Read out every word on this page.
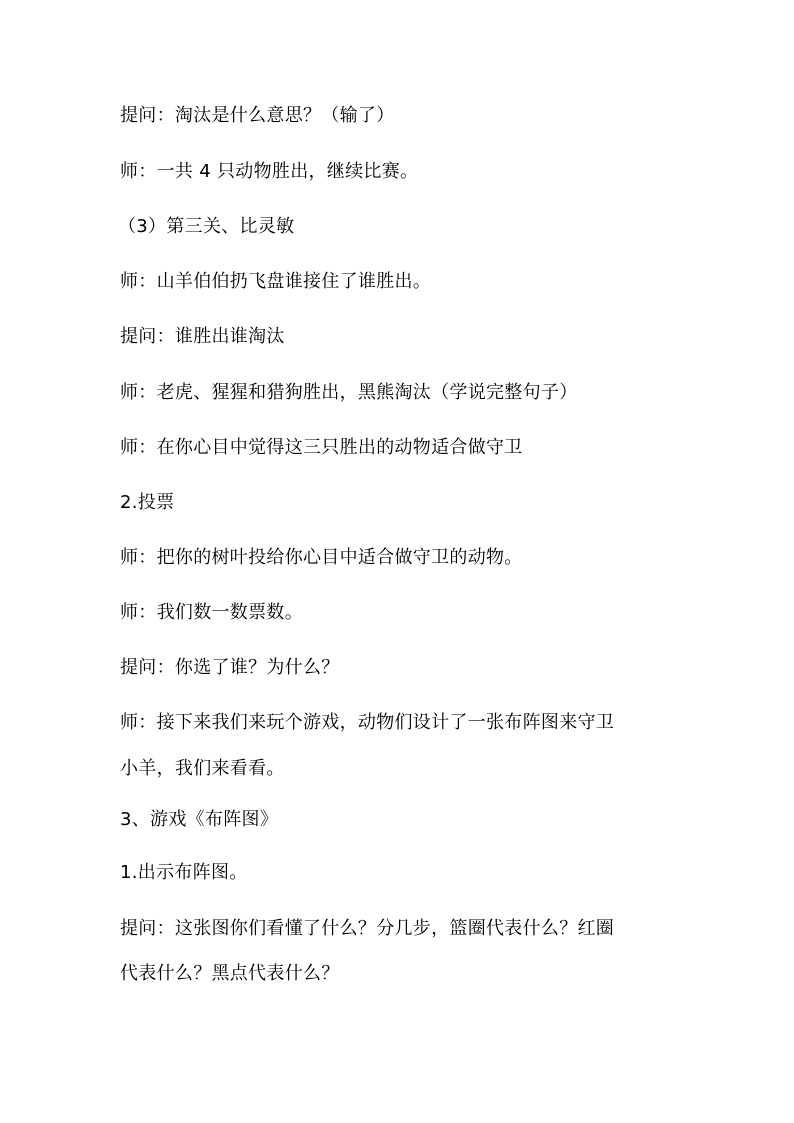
提问：淘汰是什么意思？（输了）
师：一共 4 只动物胜出，继续比赛。
（3）第三关、比灵敏
师：山羊伯伯扔飞盘谁接住了谁胜出。
提问：谁胜出谁淘汰
师：老虎、猩猩和猎狗胜出，黑熊淘汰（学说完整句子）
师：在你心目中觉得这三只胜出的动物适合做守卫
2.投票
师：把你的树叶投给你心目中适合做守卫的动物。
师：我们数一数票数。
提问：你选了谁？为什么？
师：接下来我们来玩个游戏，动物们设计了一张布阵图来守卫
小羊，我们来看看。
3、游戏《布阵图》
1.出示布阵图。
提问：这张图你们看懂了什么？分几步，篮圈代表什么？红圈
代表什么？黑点代表什么？
